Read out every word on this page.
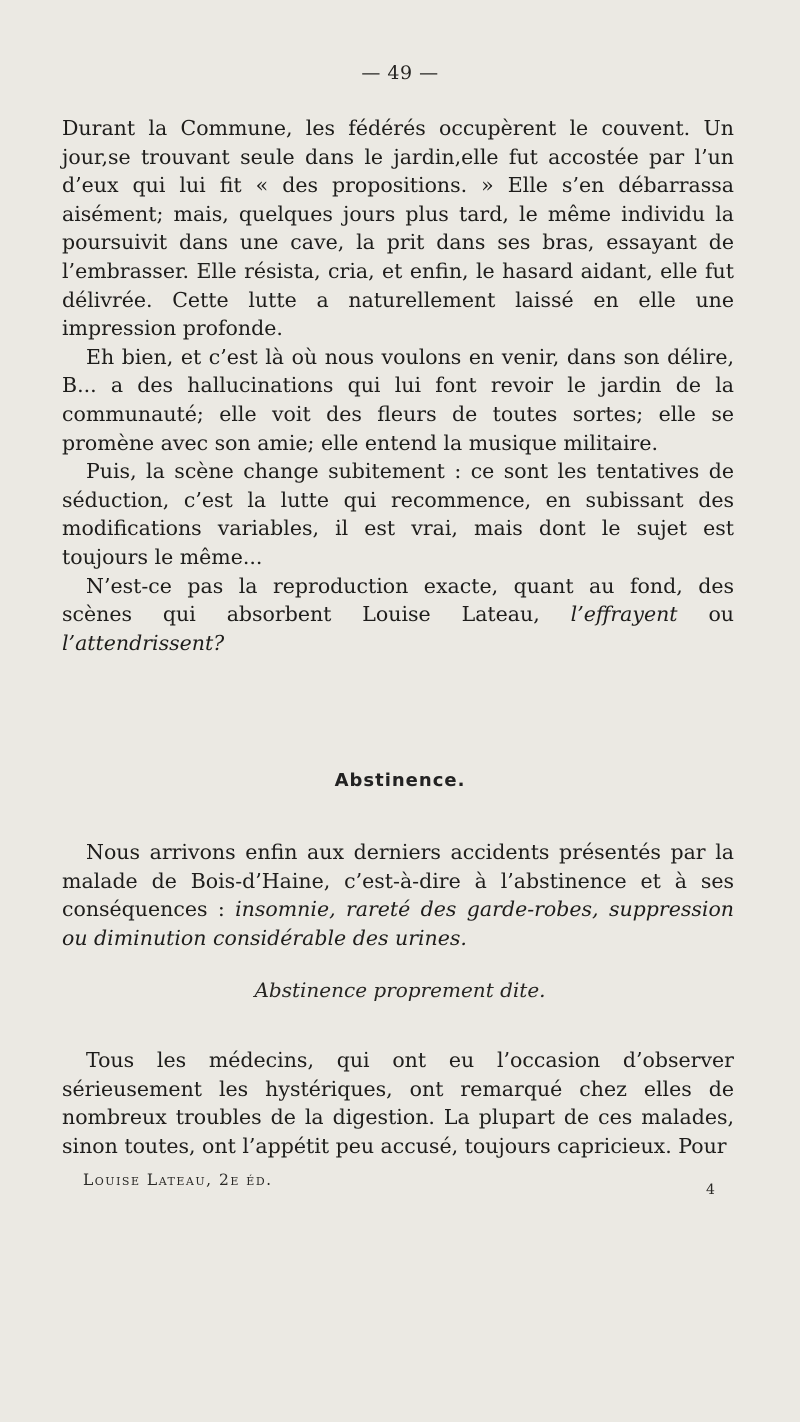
— 49 —

Durant la Commune, les fédérés occupèrent le couvent. Un jour,se trouvant seule dans le jardin,elle fut accostée par l’un d’eux qui lui fit « des propositions. » Elle s’en débarrassa aisément; mais, quelques jours plus tard, le même individu la poursuivit dans une cave, la prit dans ses bras, essayant de l’embrasser. Elle résista, cria, et enfin, le hasard aidant, elle fut délivrée. Cette lutte a naturellement laissé en elle une impression profonde.

Eh bien, et c’est là où nous voulons en venir, dans son délire, B... a des hallucinations qui lui font revoir le jardin de la communauté; elle voit des fleurs de toutes sortes; elle se promène avec son amie; elle entend la musique militaire.

Puis, la scène change subitement : ce sont les tentatives de séduction, c’est la lutte qui recommence, en subissant des modifications variables, il est vrai, mais dont le sujet est toujours le même...

N’est-ce pas la reproduction exacte, quant au fond, des scènes qui absorbent Louise Lateau, l’effrayent ou l’attendrissent?

Abstinence.

Nous arrivons enfin aux derniers accidents présentés par la malade de Bois-d’Haine, c’est-à-dire à l’abstinence et à ses conséquences : insomnie, rareté des garde-robes, suppression ou diminution considérable des urines.

Abstinence proprement dite.

Tous les médecins, qui ont eu l’occasion d’observer sérieusement les hystériques, ont remarqué chez elles de nombreux troubles de la digestion. La plupart de ces malades, sinon toutes, ont l’appétit peu accusé, toujours capricieux. Pour

Louise Lateau, 2e éd.
4
